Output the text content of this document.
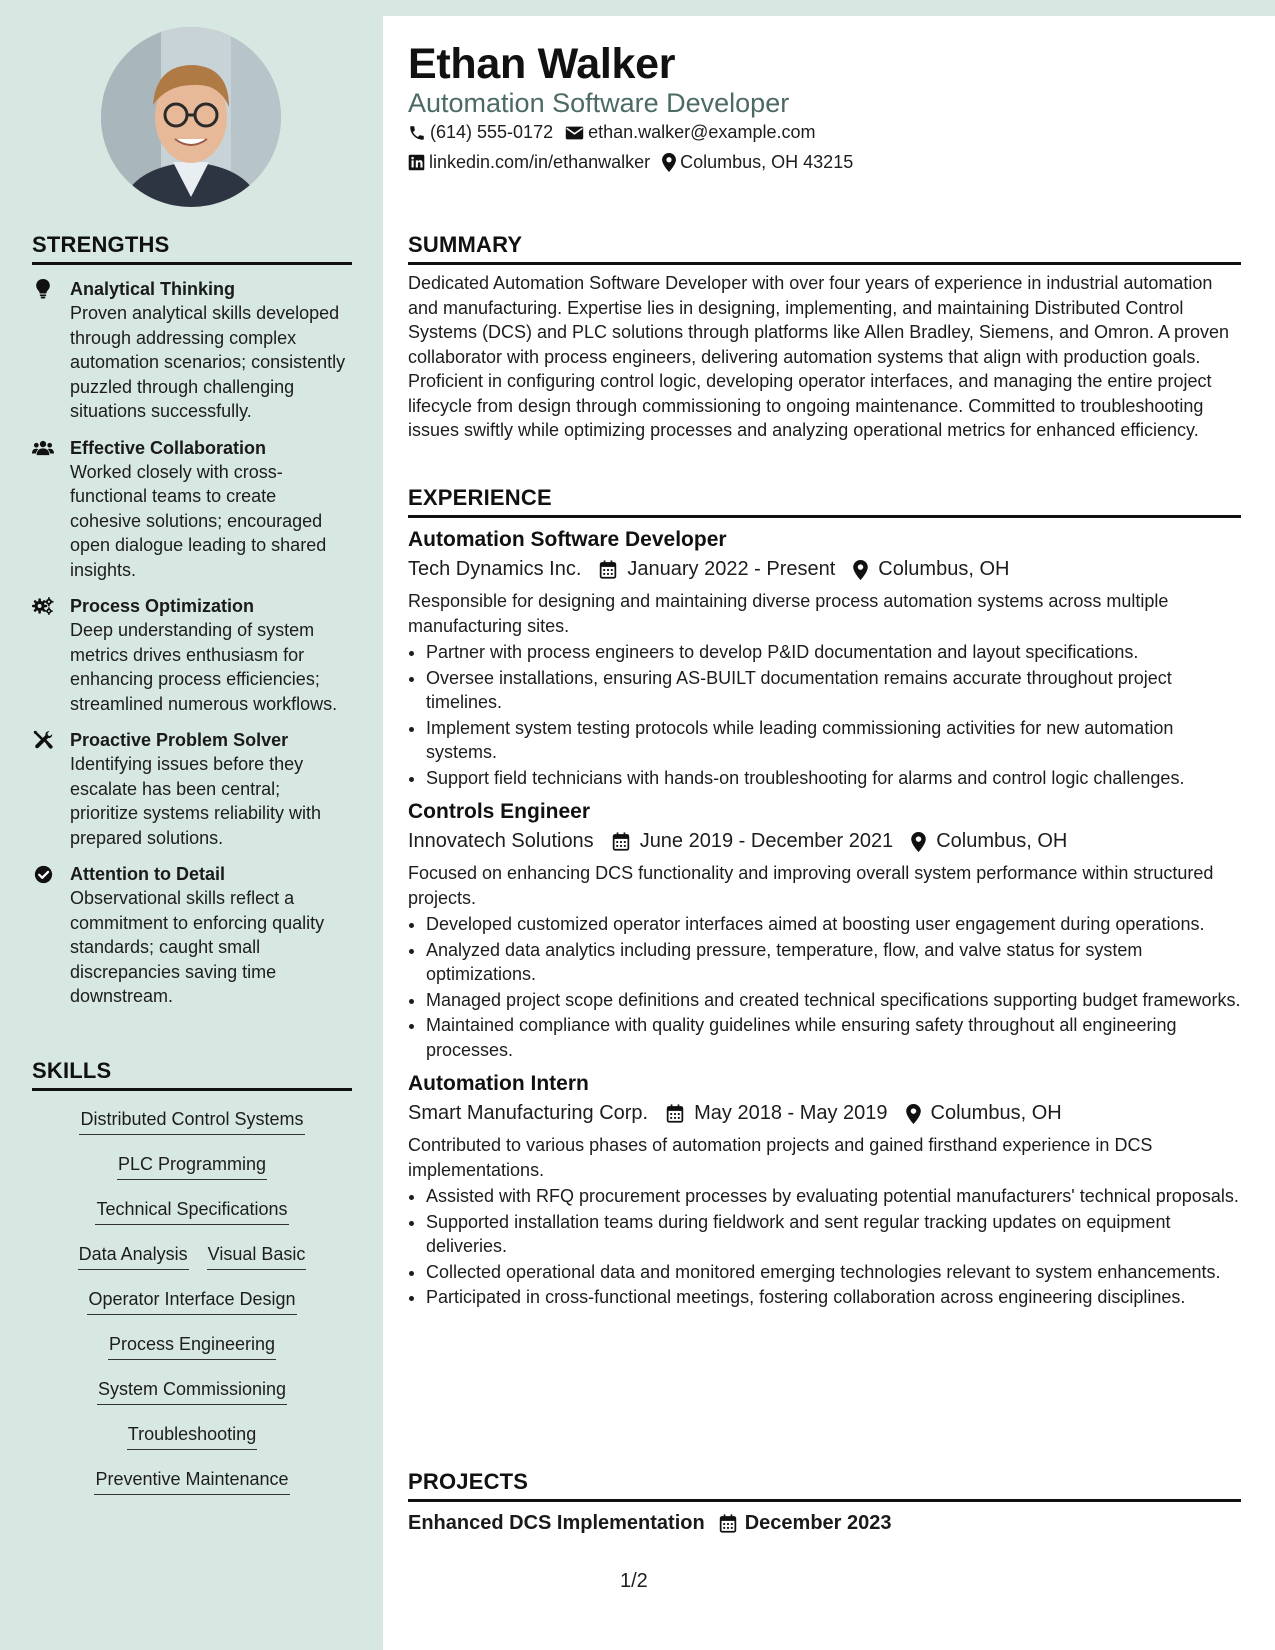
STRENGTHS
Analytical Thinking
Proven analytical skills developed through addressing complex automation scenarios; consistently puzzled through challenging situations successfully.
Effective Collaboration
Worked closely with cross-functional teams to create cohesive solutions; encouraged open dialogue leading to shared insights.
Process Optimization
Deep understanding of system metrics drives enthusiasm for enhancing process efficiencies; streamlined numerous workflows.
Proactive Problem Solver
Identifying issues before they escalate has been central; prioritize systems reliability with prepared solutions.
Attention to Detail
Observational skills reflect a commitment to enforcing quality standards; caught small discrepancies saving time downstream.
SKILLS
Distributed Control Systems
PLC Programming
Technical Specifications
Data Analysis Visual Basic
Operator Interface Design
Process Engineering
System Commissioning
Troubleshooting
Preventive Maintenance
Ethan Walker
Automation Software Developer
(614) 555-0172 ethan.walker@example.com
linkedin.com/in/ethanwalker Columbus, OH 43215
SUMMARY
Dedicated Automation Software Developer with over four years of experience in industrial automation and manufacturing. Expertise lies in designing, implementing, and maintaining Distributed Control Systems (DCS) and PLC solutions through platforms like Allen Bradley, Siemens, and Omron. A proven collaborator with process engineers, delivering automation systems that align with production goals. Proficient in configuring control logic, developing operator interfaces, and managing the entire project lifecycle from design through commissioning to ongoing maintenance. Committed to troubleshooting issues swiftly while optimizing processes and analyzing operational metrics for enhanced efficiency.
EXPERIENCE
Automation Software Developer
Tech Dynamics Inc. January 2022 - Present Columbus, OH
Responsible for designing and maintaining diverse process automation systems across multiple manufacturing sites.
• Partner with process engineers to develop P&ID documentation and layout specifications.
• Oversee installations, ensuring AS-BUILT documentation remains accurate throughout project timelines.
• Implement system testing protocols while leading commissioning activities for new automation systems.
• Support field technicians with hands-on troubleshooting for alarms and control logic challenges.
Controls Engineer
Innovatech Solutions June 2019 - December 2021 Columbus, OH
Focused on enhancing DCS functionality and improving overall system performance within structured projects.
• Developed customized operator interfaces aimed at boosting user engagement during operations.
• Analyzed data analytics including pressure, temperature, flow, and valve status for system optimizations.
• Managed project scope definitions and created technical specifications supporting budget frameworks.
• Maintained compliance with quality guidelines while ensuring safety throughout all engineering processes.
Automation Intern
Smart Manufacturing Corp. May 2018 - May 2019 Columbus, OH
Contributed to various phases of automation projects and gained firsthand experience in DCS implementations.
• Assisted with RFQ procurement processes by evaluating potential manufacturers' technical proposals.
• Supported installation teams during fieldwork and sent regular tracking updates on equipment deliveries.
• Collected operational data and monitored emerging technologies relevant to system enhancements.
• Participated in cross-functional meetings, fostering collaboration across engineering disciplines.
PROJECTS
Enhanced DCS Implementation December 2023
1/2
